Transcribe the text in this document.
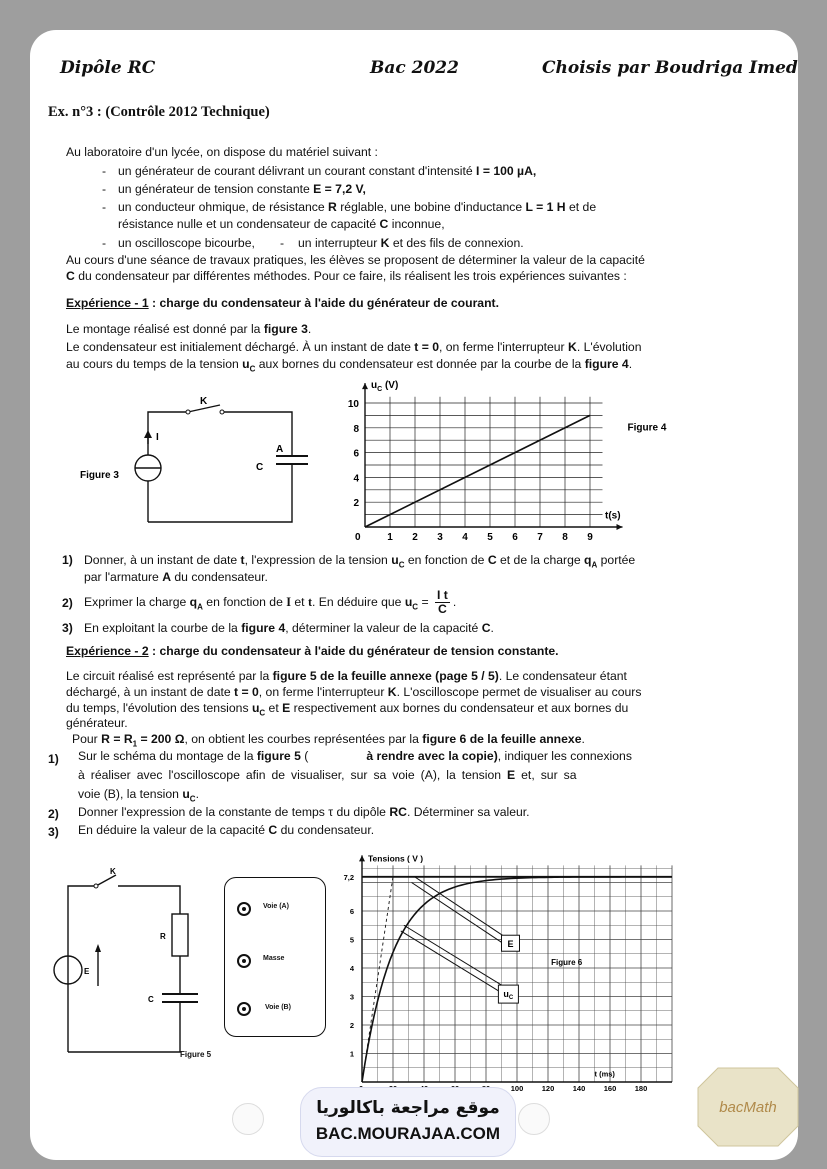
Dipôle RC	Bac 2022	Choisis par Boudriga Imed
Ex. n°3 : (Contrôle 2012 Technique)
Au laboratoire d'un lycée, on dispose du matériel suivant :
- un générateur de courant délivrant un courant constant d'intensité I = 100 µA,
- un générateur de tension constante E = 7,2 V,
- un conducteur ohmique, de résistance R réglable, une bobine d'inductance L = 1 H et de
résistance nulle et un condensateur de capacité C inconnue,
- un oscilloscope bicourbe, - un interrupteur K et des fils de connexion.
Au cours d'une séance de travaux pratiques, les élèves se proposent de déterminer la valeur de la capacité
C du condensateur par différentes méthodes. Pour ce faire, ils réalisent les trois expériences suivantes :
Expérience - 1 : charge du condensateur à l'aide du générateur de courant.
Le montage réalisé est donné par la figure 3.
Le condensateur est initialement déchargé. À un instant de date t = 0, on ferme l'interrupteur K. L'évolution
au cours du temps de la tension $u_C$ aux bornes du condensateur est donnée par la courbe de la figure 4.
K
I
Figure 3
A
C
2
4
6
8
10
1 2 3 4 5 6 7 8 9
0
$u_C$ (V)
t(s)
Figure 4
1) Donner, à un instant de date t, l'expression de la tension $u_C$ en fonction de C et de la charge $q_A$ portée
par l'armature A du condensateur.
2) Exprimer la charge $q_A$ en fonction de I et t. En déduire que $u_C = \frac{\text{I t}}{C}$ .
3) En exploitant la courbe de la figure 4, déterminer la valeur de la capacité C.
Expérience - 2 : charge du condensateur à l'aide du générateur de tension constante.
Le circuit réalisé est représenté par la figure 5 de la feuille annexe (page 5 / 5). Le condensateur étant
déchargé, à un instant de date t = 0, on ferme l'interrupteur K. L'oscilloscope permet de visualiser au cours
du temps, l'évolution des tensions $u_C$ et E respectivement aux bornes du condensateur et aux bornes du
générateur.
Pour $R = R_1 = 200$ Ω, on obtient les courbes représentées par la figure 6 de la feuille annexe.
1) Sur le schéma du montage de la figure 5 (	à rendre avec la copie), indiquer les connexions
à réaliser avec l'oscilloscope afin de visualiser, sur sa voie (A), la tension E et, sur sa
voie (B), la tension $u_C$.
2) Donner l'expression de la constante de temps τ du dipôle RC. Déterminer sa valeur.
3) En déduire la valeur de la capacité C du condensateur.
K
R
E
C
Figure 5
Voie (A)
Masse
Voie (B)
1
2
3
4
5
6
7,2
100 120 140 160 180
Tensions ( V )
t (ms)
Figure 6
E
$u_C$
موقع مراجعة باكالوريا
BAC.MOURAJAA.COM
bacMath
